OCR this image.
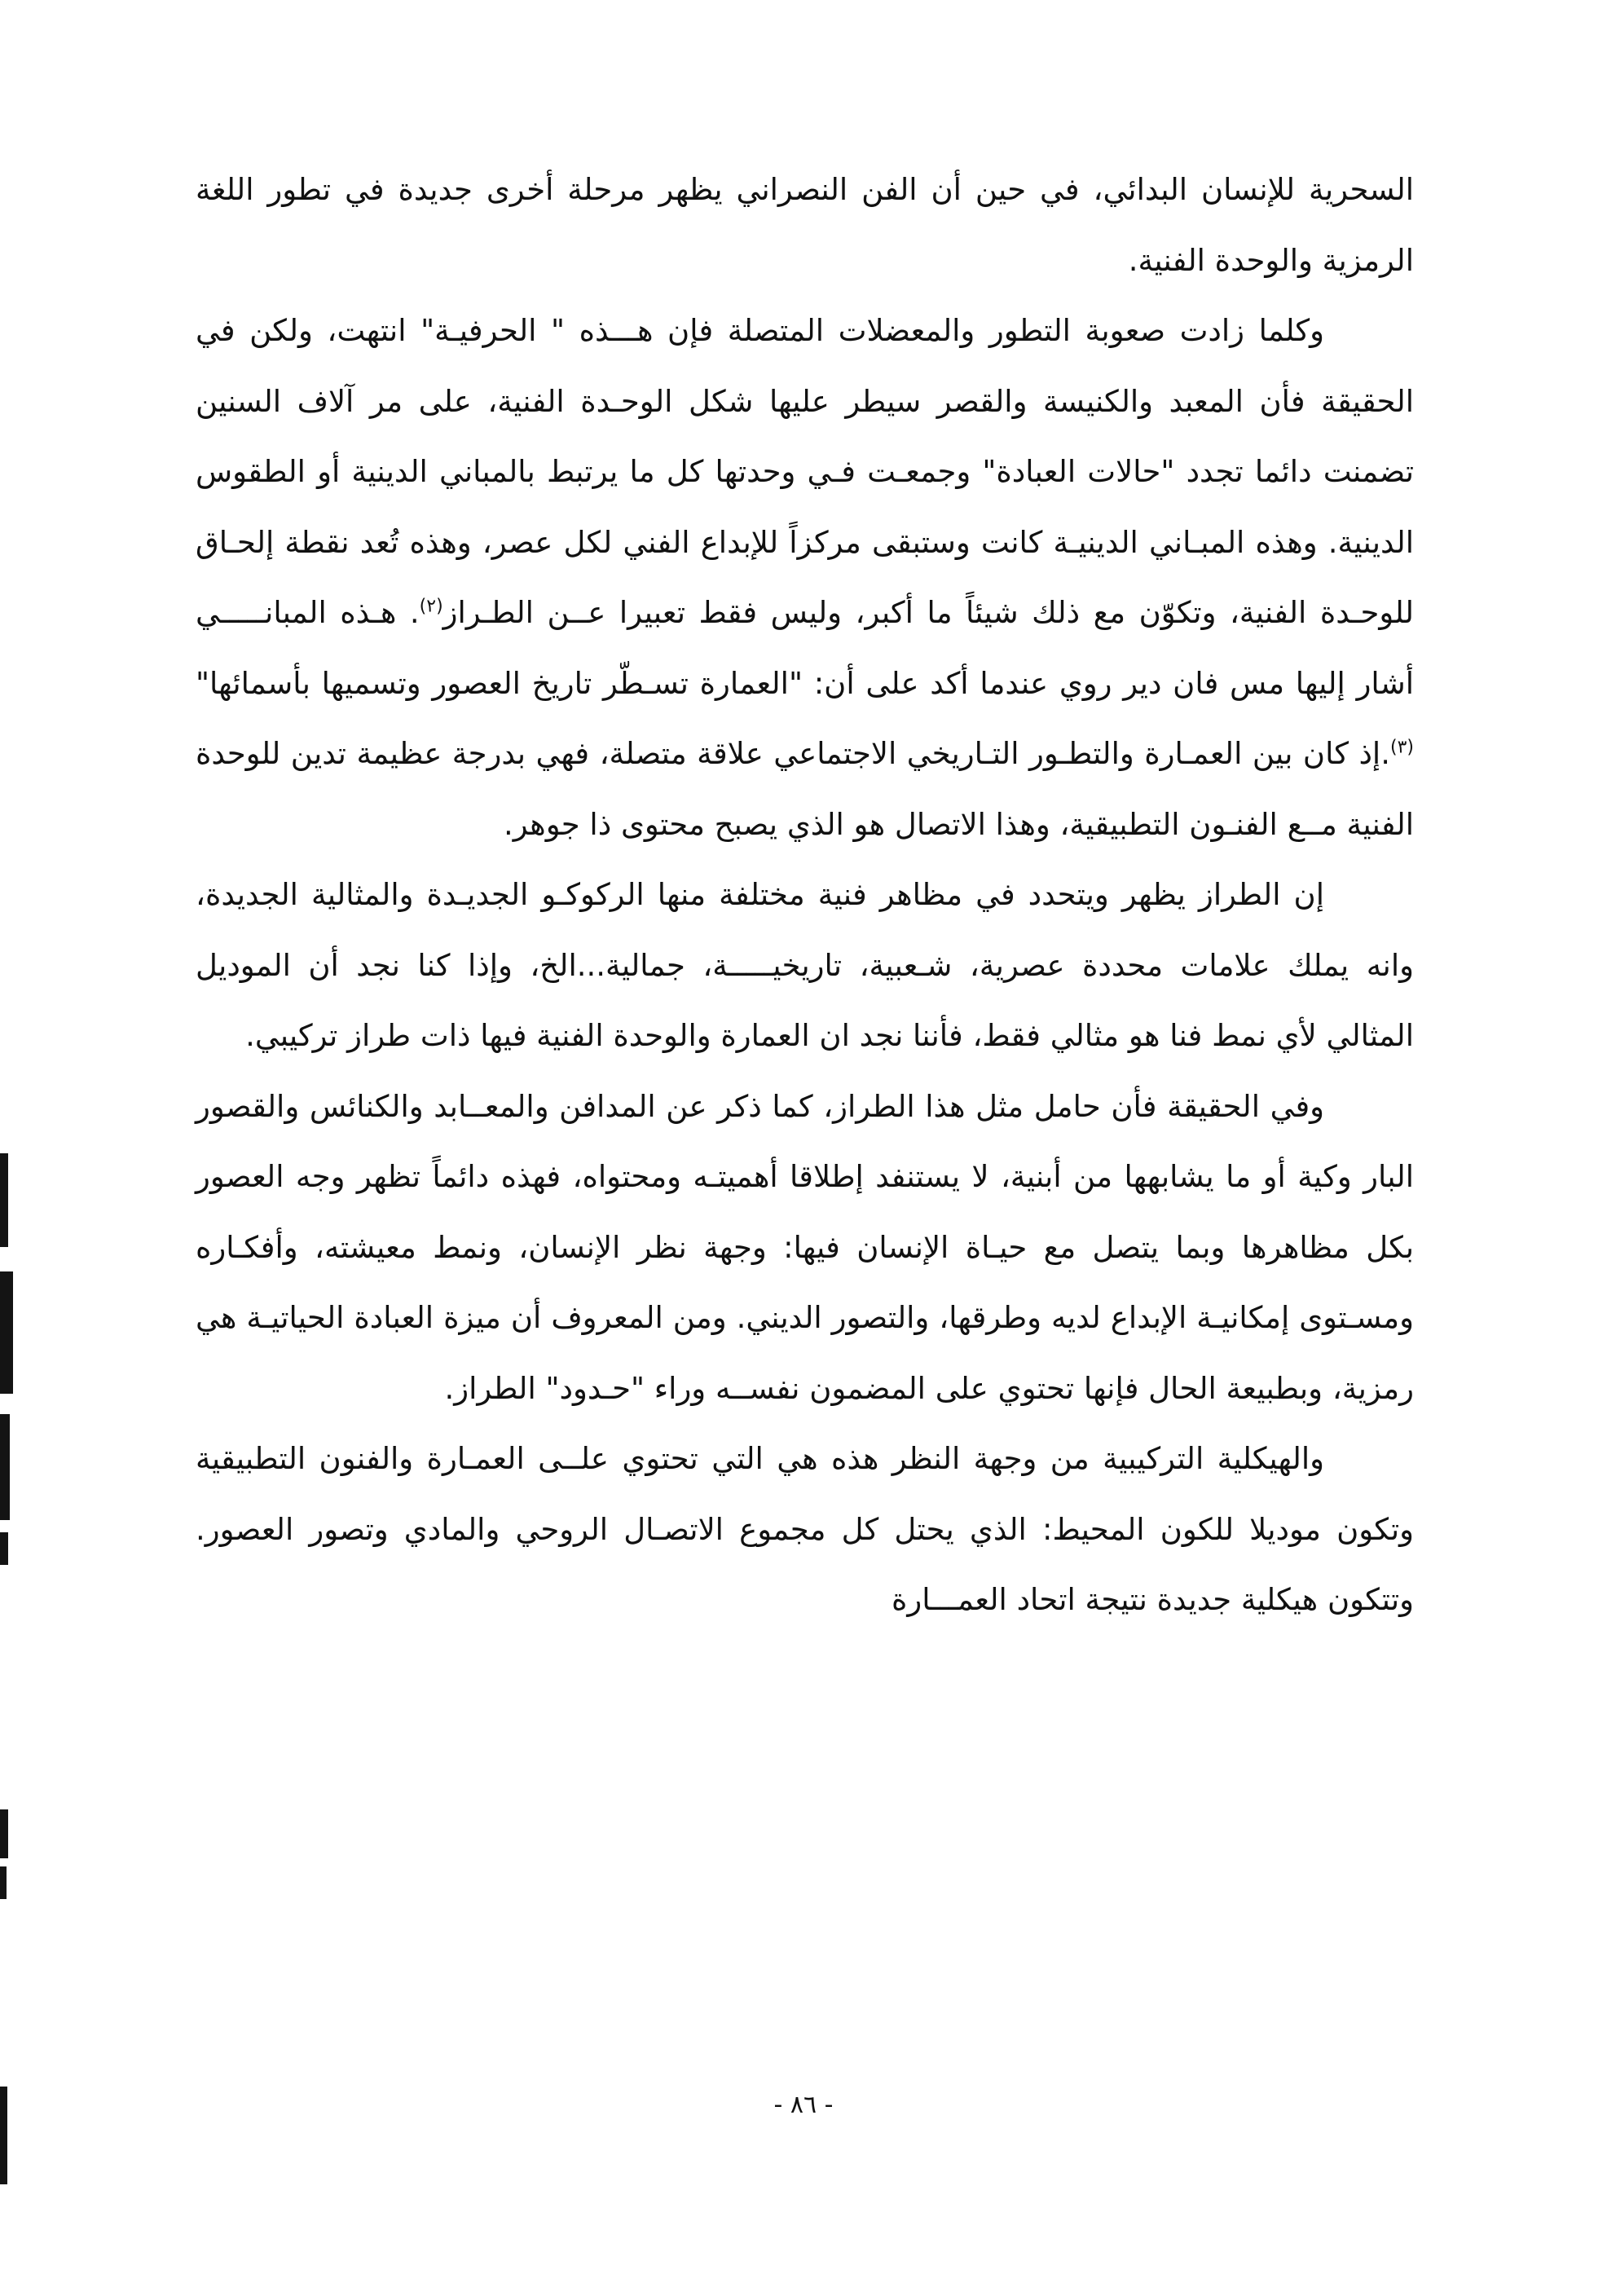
السحرية للإنسان البدائي، في حين أن الفن النصراني يظهر مرحلة أخرى جديدة في تطور اللغة الرمزية والوحدة الفنية.

وكلما زادت صعوبة التطور والمعضلات المتصلة فإن هـــذه " الحرفيـة" انتهت، ولكن في الحقيقة فأن المعبد والكنيسة والقصر سيطر عليها شكل الوحـدة الفنية، على مر آلاف السنين تضمنت دائما تجدد "حالات العبادة" وجمعـت فـي وحدتها كل ما يرتبط بالمباني الدينية أو الطقوس الدينية. وهذه المبـاني الدينيـة كانت وستبقى مركزاً للإبداع الفني لكل عصر، وهذه تُعد نقطة إلحـاق للوحـدة الفنية، وتكوّن مع ذلك شيئاً ما أكبر، وليس فقط تعبيرا عــن الطـراز$^{(٢)}$. هـذه المبانـــــي أشار إليها مس فان دير روي عندما أكد على أن: "العمارة تسـطّر تاريخ العصور وتسميها بأسمائها"$^{(٣)}$.إذ كان بين العمـارة والتطـور التـاريخي الاجتماعي علاقة متصلة، فهي بدرجة عظيمة تدين للوحدة الفنية مــع الفنـون التطبيقية، وهذا الاتصال هو الذي يصبح محتوى ذا جوهر.

إن الطراز يظهر ويتحدد في مظاهر فنية مختلفة منها الركوكـو الجديـدة والمثالية الجديدة، وانه يملك علامات محددة عصرية، شـعبية، تاريخيـــــة، جمالية...الخ، وإذا كنا نجد أن الموديل المثالي لأي نمط فنا هو مثالي فقط، فأننا نجد ان العمارة والوحدة الفنية فيها ذات طراز تركيبي.

وفي الحقيقة فأن حامل مثل هذا الطراز، كما ذكر عن المدافن والمعــابد والكنائس والقصور البار وكية أو ما يشابهها من أبنية، لا يستنفد إطلاقا أهميتـه ومحتواه، فهذه دائماً تظهر وجه العصور بكل مظاهرها وبما يتصل مع حيـاة الإنسان فيها: وجهة نظر الإنسان، ونمط معيشته، وأفكـاره ومسـتوى إمكانيـة الإبداع لديه وطرقها، والتصور الديني. ومن المعروف أن ميزة العبادة الحياتيـة هي رمزية، وبطبيعة الحال فإنها تحتوي على المضمون نفســه وراء "حـدود" الطراز.

والهيكلية التركيبية من وجهة النظر هذه هي التي تحتوي علــى العمـارة والفنون التطبيقية وتكون موديلا للكون المحيط: الذي يحتل كل مجموع الاتصـال الروحي والمادي وتصور العصور. وتتكون هيكلية جديدة نتيجة اتحاد العمـــارة

- ٨٦ -
